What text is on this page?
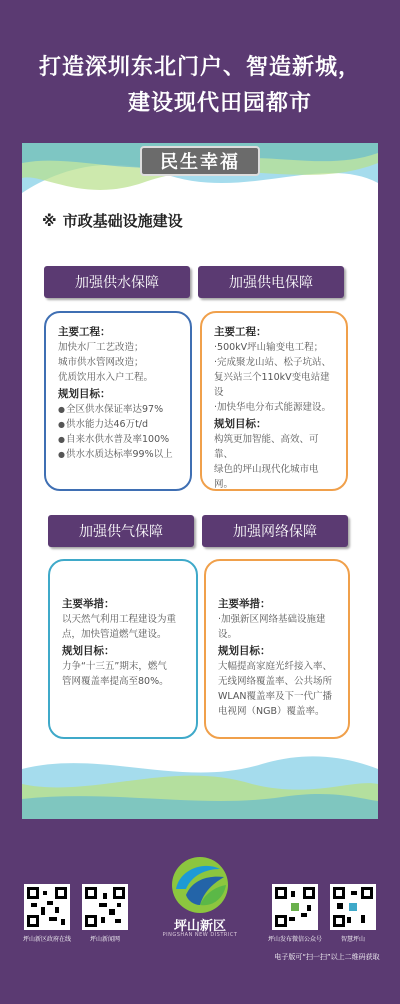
打造深圳东北门户、智造新城，
建设现代田园都市
民生幸福
※ 市政基础设施建设
加强供水保障	加强供电保障
主要工程：
加快水厂工艺改造；
城市供水管网改造；
优质饮用水入户工程。
规划目标：
● 全区供水保证率达97%
● 供水能力达46万t/d
● 自来水供水普及率100%
● 供水水质达标率99%以上
主要工程：
·500kV坪山输变电工程；
·完成聚龙山站、松子坑站、
复兴站三个110kV变电站建
设
·加快华电分布式能源建设。
规划目标：
构筑更加智能、高效、可靠、
绿色的坪山现代化城市电网。
加强供气保障	加强网络保障
主要举措：
以天然气利用工程建设为重
点，加快管道燃气建设。
规划目标：
力争“十三五”期末，燃气
管网覆盖率提高至80%。
主要举措：
·加强新区网络基础设施建设。
规划目标：
大幅提高家庭光纤接入率、
无线网络覆盖率、公共场所
WLAN覆盖率及下一代广播
电视网（NGB）覆盖率。
坪山新区
PINGSHAN NEW DISTRICT
坪山新区政府在线	坪山新闻网	坪山发布微信公众号	智慧坪山
电子版可“扫一扫”以上二维码获取
